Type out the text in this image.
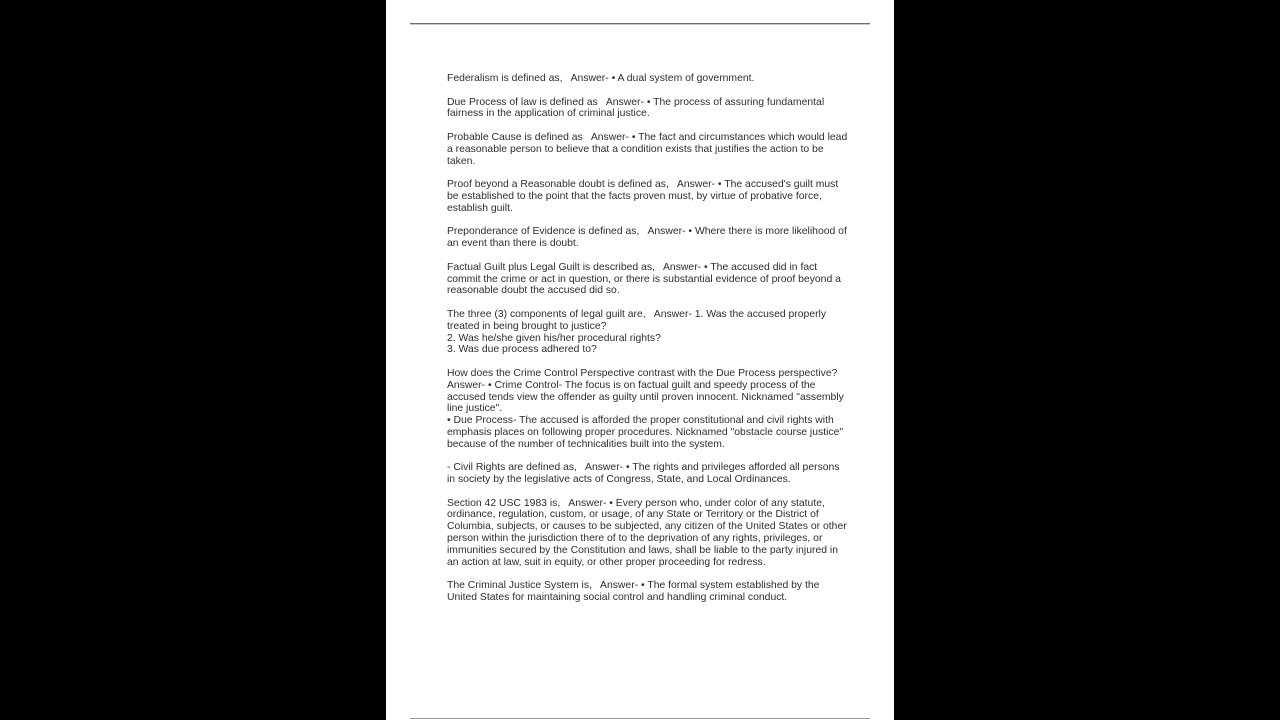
Federalism is defined as,   Answer- • A dual system of government.

Due Process of law is defined as   Answer- • The process of assuring fundamental fairness in the application of criminal justice.

Probable Cause is defined as   Answer- • The fact and circumstances which would lead a reasonable person to believe that a condition exists that justifies the action to be taken.

Proof beyond a Reasonable doubt is defined as,   Answer- • The accused's guilt must be established to the point that the facts proven must, by virtue of probative force, establish guilt.

Preponderance of Evidence is defined as,   Answer- • Where there is more likelihood of an event than there is doubt.

Factual Guilt plus Legal Guilt is described as,   Answer- • The accused did in fact commit the crime or act in question, or there is substantial evidence of proof beyond a reasonable doubt the accused did so.

The three (3) components of legal guilt are,   Answer- 1. Was the accused properly treated in being brought to justice?

2. Was he/she given his/her procedural rights?

3. Was due process adhered to?

How does the Crime Control Perspective contrast with the Due Process perspective?

Answer- • Crime Control- The focus is on factual guilt and speedy process of the accused tends view the offender as guilty until proven innocent. Nicknamed "assembly line justice".

• Due Process- The accused is afforded the proper constitutional and civil rights with emphasis places on following proper procedures. Nicknamed "obstacle course justice" because of the number of technicalities built into the system.

- Civil Rights are defined as,   Answer- • The rights and privileges afforded all persons in society by the legislative acts of Congress, State, and Local Ordinances.

Section 42 USC 1983 is,   Answer- • Every person who, under color of any statute, ordinance, regulation, custom, or usage, of any State or Territory or the District of Columbia, subjects, or causes to be subjected, any citizen of the United States or other person within the jurisdiction there of to the deprivation of any rights, privileges, or immunities secured by the Constitution and laws, shall be liable to the party injured in an action at law, suit in equity, or other proper proceeding for redress.

The Criminal Justice System is,   Answer- • The formal system established by the United States for maintaining social control and handling criminal conduct.
